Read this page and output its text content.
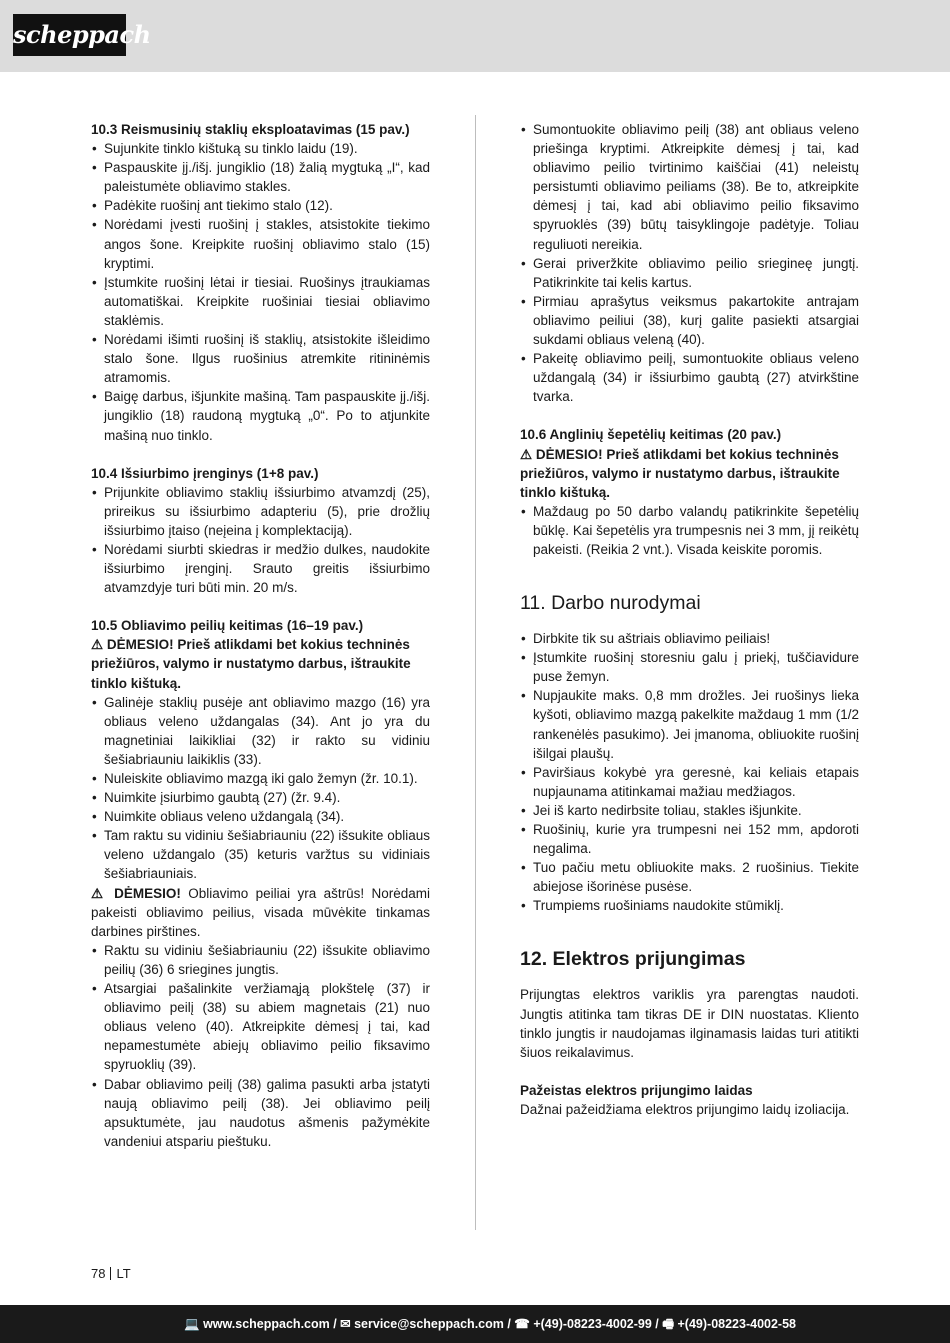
scheppach
10.3 Reismusinių staklių eksploatavimas (15 pav.)
• Sujunkite tinklo kištuką su tinklo laidu (19).
• Paspauskite įj./išj. jungiklio (18) žalią mygtuką „I“, kad paleistumėte obliavimo stakles.
• Padėkite ruošinį ant tiekimo stalo (12).
• Norėdami įvesti ruošinį į stakles, atsistokite tiekimo angos šone. Kreipkite ruošinį obliavimo stalo (15) kryptimi.
• Įstumkite ruošinį lėtai ir tiesiai. Ruošinys įtraukiamas automatiškai. Kreipkite ruošiniai tiesiai obliavimo staklėmis.
• Norėdami išimti ruošinį iš staklių, atsistokite išleidimo stalo šone. Ilgus ruošinius atremkite ritininėmis atramomis.
• Baigę darbus, išjunkite mašiną. Tam paspauskite įj./išj. jungiklio (18) raudoną mygtuką „0“. Po to atjunkite mašiną nuo tinklo.
10.4 Išsiurbimo įrenginys (1+8 pav.)
• Prijunkite obliavimo staklių išsiurbimo atvamzdį (25), prireikus su išsiurbimo adapteriu (5), prie drožlių išsiurbimo įtaiso (neįeina į komplektaciją).
• Norėdami siurbti skiedras ir medžio dulkes, naudokite išsiurbimo įrenginį. Srauto greitis išsiurbimo atvamzdyje turi būti min. 20 m/s.
10.5 Obliavimo peilių keitimas (16–19 pav.)
⚠ DĖMESIO! Prieš atlikdami bet kokius techninės priežiūros, valymo ir nustatymo darbus, ištraukite tinklo kištuką.
• Galinėje staklių pusėje ant obliavimo mazgo (16) yra obliaus veleno uždangalas (34). Ant jo yra du magnetiniai laikikliai (32) ir rakto su vidiniu šešiabriauniu laikiklis (33).
• Nuleiskite obliavimo mazgą iki galo žemyn (žr. 10.1).
• Nuimkite įsiurbimo gaubtą (27) (žr. 9.4).
• Nuimkite obliaus veleno uždangalą (34).
• Tam raktu su vidiniu šešiabriauniu (22) išsukite obliaus veleno uždangalo (35) keturis varžtus su vidiniais šešiabriauniais.
⚠ DĖMESIO! Obliavimo peiliai yra aštrūs! Norėdami pakeisti obliavimo peilius, visada mūvėkite tinkamas darbines pirštines.
• Raktu su vidiniu šešiabriauniu (22) išsukite obliavimo peilių (36) 6 sriegines jungtis.
• Atsargiai pašalinkite veržiamąją plokštelę (37) ir obliavimo peilį (38) su abiem magnetais (21) nuo obliaus veleno (40). Atkreipkite dėmesį į tai, kad nepamestumėte abiejų obliavimo peilio fiksavimo spyruoklių (39).
• Dabar obliavimo peilį (38) galima pasukti arba įstatyti naują obliavimo peilį (38). Jei obliavimo peilį apsuktumėte, jau naudotus ašmenis pažymėkite vandeniui atspariu pieštuku.
• Sumontuokite obliavimo peilį (38) ant obliaus veleno priešinga kryptimi. Atkreipkite dėmesį į tai, kad obliavimo peilio tvirtinimo kaiščiai (41) neleistų persistumti obliavimo peiliams (38). Be to, atkreipkite dėmesį į tai, kad abi obliavimo peilio fiksavimo spyruoklės (39) būtų taisyklingoje padėtyje. Toliau reguliuoti nereikia.
• Gerai priveržkite obliavimo peilio sriegineę jungtį. Patikrinkite tai kelis kartus.
• Pirmiau aprašytus veiksmus pakartokite antrajam obliavimo peiliui (38), kurį galite pasiekti atsargiai sukdami obliaus veleną (40).
• Pakeitę obliavimo peilį, sumontuokite obliaus veleno uždangalą (34) ir išsiurbimo gaubtą (27) atvirkštine tvarka.
10.6 Anglinių šepetėlių keitimas (20 pav.)
⚠ DĖMESIO! Prieš atlikdami bet kokius techninės priežiūros, valymo ir nustatymo darbus, ištraukite tinklo kištuką.
• Maždaug po 50 darbo valandų patikrinkite šepetėlių būklę. Kai šepetėlis yra trumpesnis nei 3 mm, jį reikėtų pakeisti. (Reikia 2 vnt.). Visada keiskite poromis.
11. Darbo nurodymai
• Dirbkite tik su aštriais obliavimo peiliais!
• Įstumkite ruošinį storesniu galu į priekį, tuščiavidure puse žemyn.
• Nupjaukite maks. 0,8 mm drožles. Jei ruošinys lieka kyšoti, obliavimo mazgą pakelkite maždaug 1 mm (1/2 rankenėlės pasukimo). Jei įmanoma, obliuokite ruošinį išilgai plaušų.
• Paviršiaus kokybė yra geresnė, kai keliais etapais nupjaunama atitinkamai mažiau medžiagos.
• Jei iš karto nedirbsite toliau, stakles išjunkite.
• Ruošinių, kurie yra trumpesni nei 152 mm, apdoroti negalima.
• Tuo pačiu metu obliuokite maks. 2 ruošinius. Tiekite abiejose išorinėse pusėse.
• Trumpiems ruošiniams naudokite stūmiklį.
12. Elektros prijungimas
Prijungtas elektros variklis yra parengtas naudoti. Jungtis atitinka tam tikras DE ir DIN nuostatas. Kliento tinklo jungtis ir naudojamas ilginamasis laidas turi atitikti šiuos reikalavimus.
Pažeistas elektros prijungimo laidas
Dažnai pažeidžiama elektros prijungimo laidų izoliacija.
78 LT
💻 www.scheppach.com / ✉ service@scheppach.com / ☎ +(49)-08223-4002-99 / 🖷 +(49)-08223-4002-58
